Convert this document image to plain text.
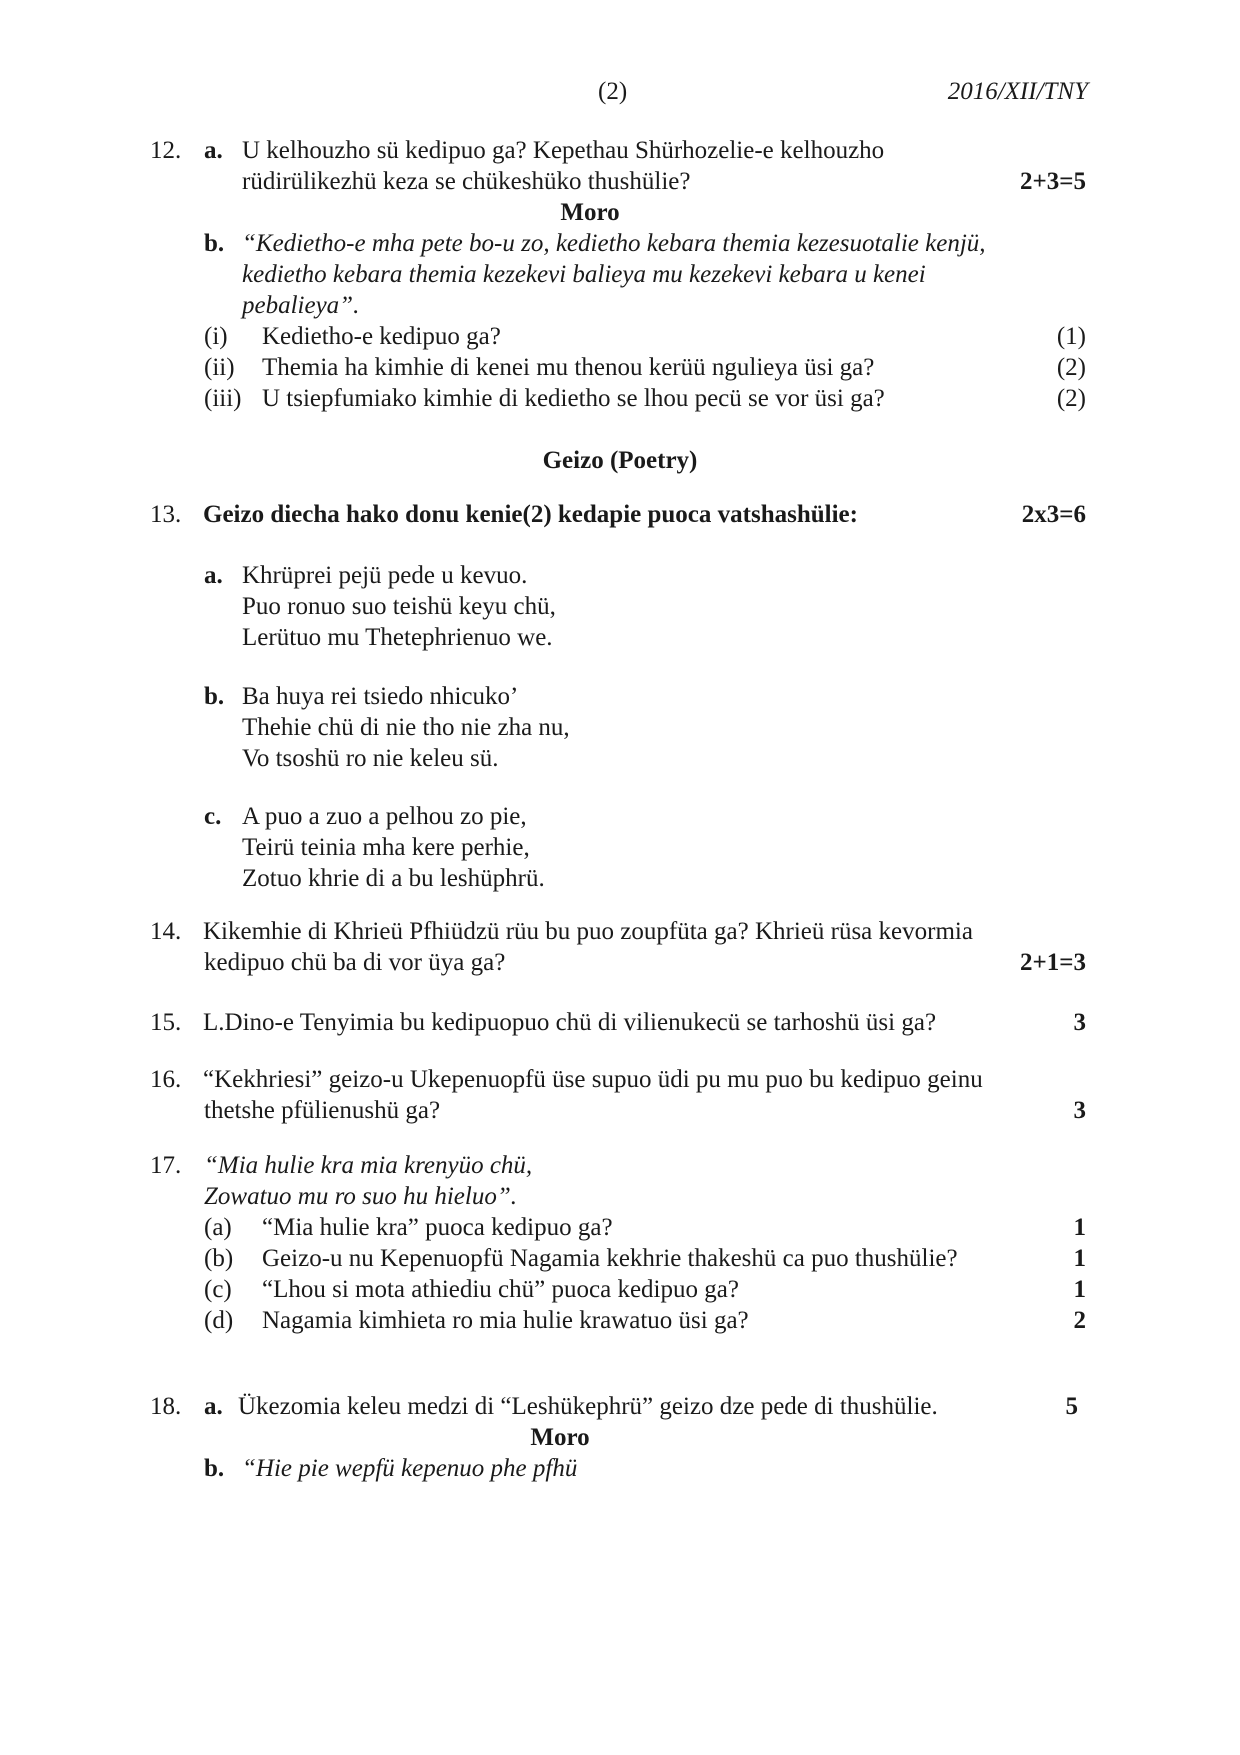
(2)	2016/XII/TNY
12. a. U kelhouzho sü kedipuo ga? Kepethau Shürhozelie-e kelhouzho
rüdirülikezhü keza se chükeshüko thushülie?	2+3=5
Moro
b. “Kedietho-e mha pete bo-u zo, kedietho kebara themia kezesuotalie kenjü,
kedietho kebara themia kezekevi balieya mu kezekevi kebara u kenei
pebalieya”.
(i) Kedietho-e kedipuo ga?	(1)
(ii) Themia ha kimhie di kenei mu thenou kerüü ngulieya üsi ga?	(2)
(iii) U tsiepfumiako kimhie di kedietho se lhou pecü se vor üsi ga?	(2)
Geizo (Poetry)
13. Geizo diecha hako donu kenie(2) kedapie puoca vatshashülie:	2x3=6
a. Khrüprei pejü pede u kevuo.
Puo ronuo suo teishü keyu chü,
Lerütuo mu Thetephrienuo we.
b. Ba huya rei tsiedo nhicuko’
Thehie chü di nie tho nie zha nu,
Vo tsoshü ro nie keleu sü.
c. A puo a zuo a pelhou zo pie,
Teirü teinia mha kere perhie,
Zotuo khrie di a bu leshüphrü.
14. Kikemhie di Khrieü Pfhiüdzü rüu bu puo zoupfüta ga? Khrieü rüsa kevormia
kedipuo chü ba di vor üya ga?	2+1=3
15. L.Dino-e Tenyimia bu kedipuopuo chü di vilienukecü se tarhoshü üsi ga?	3
16. “Kekhriesi” geizo-u Ukepenuopfü üse supuo üdi pu mu puo bu kedipuo geinu
thetshe pfülienushü ga?	3
17. “Mia hulie kra mia krenyüo chü,
Zowatuo mu ro suo hu hieluo”.
(a) “Mia hulie kra” puoca kedipuo ga?	1
(b) Geizo-u nu Kepenuopfü Nagamia kekhrie thakeshü ca puo thushülie?	1
(c) “Lhou si mota athiediu chü” puoca kedipuo ga?	1
(d) Nagamia kimhieta ro mia hulie krawatuo üsi ga?	2
18. a. Ükezomia keleu medzi di “Leshükephrü” geizo dze pede di thushülie.	5
Moro
b. “Hie pie wepfü kepenuo phe pfhü
